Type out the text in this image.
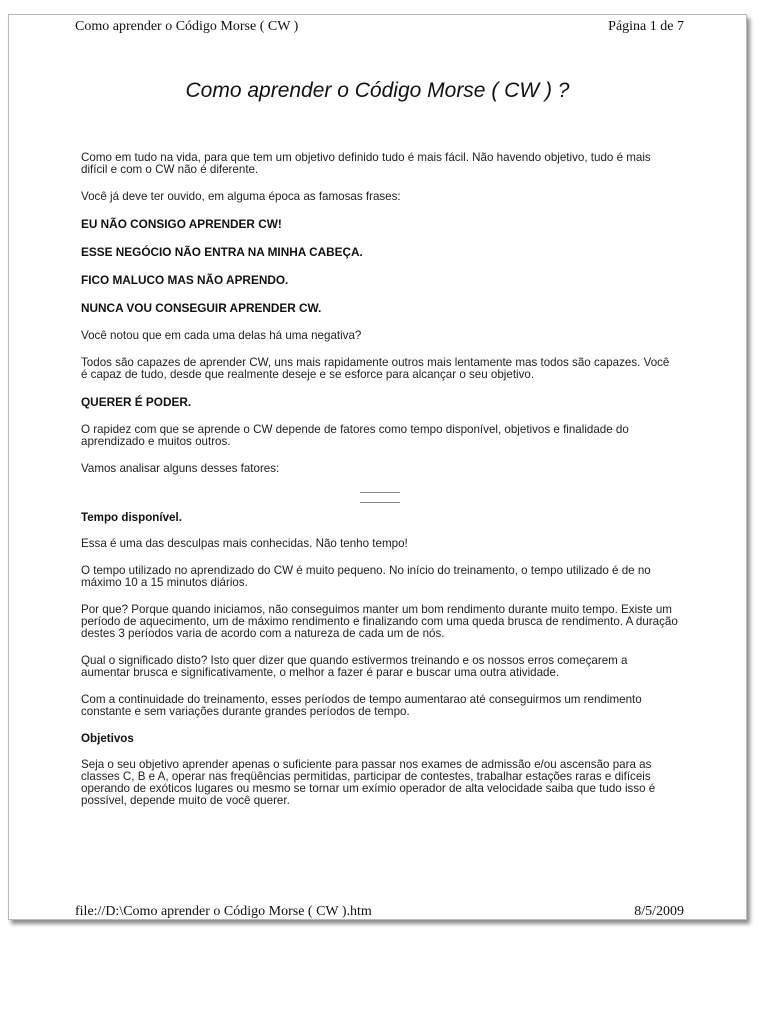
Como aprender o Código Morse ( CW )	Página 1 de 7
Como aprender o Código Morse ( CW ) ?

Como em tudo na vida, para que tem um objetivo definido tudo é mais fácil. Não havendo objetivo, tudo é mais difícil e com o CW não é diferente.

Você já deve ter ouvido, em alguma época as famosas frases:

EU NÃO CONSIGO APRENDER CW!

ESSE NEGÓCIO NÃO ENTRA NA MINHA CABEÇA.

FICO MALUCO MAS NÃO APRENDO.

NUNCA VOU CONSEGUIR APRENDER CW.

Você notou que em cada uma delas há uma negativa?

Todos são capazes de aprender CW, uns mais rapidamente outros mais lentamente mas todos são capazes. Você é capaz de tudo, desde que realmente deseje e se esforce para alcançar o seu objetivo.

QUERER É PODER.

O rapidez com que se aprende o CW depende de fatores como tempo disponível, objetivos e finalidade do aprendizado e muitos outros.

Vamos analisar alguns desses fatores:

Tempo disponível.

Essa é uma das desculpas mais conhecidas. Não tenho tempo!

O tempo utilizado no aprendizado do CW é muito pequeno. No início do treinamento, o tempo utilizado é de no máximo 10 a 15 minutos diários.

Por que? Porque quando iniciamos, não conseguimos manter um bom rendimento durante muito tempo. Existe um período de aquecimento, um de máximo rendimento e finalizando com uma queda brusca de rendimento. A duração destes 3 períodos varia de acordo com a natureza de cada um de nós.

Qual o significado disto? Isto quer dizer que quando estivermos treinando e os nossos erros começarem a aumentar brusca e significativamente, o melhor a fazer é parar e buscar uma outra atividade.

Com a continuidade do treinamento, esses períodos de tempo aumentarao até conseguirmos um rendimento constante e sem variações durante grandes períodos de tempo.

Objetivos

Seja o seu objetivo aprender apenas o suficiente para passar nos exames de admissão e/ou ascensão para as classes C, B e A, operar nas freqüências permitidas, participar de contestes, trabalhar estações raras e difíceis operando de exóticos lugares ou mesmo se tornar um exímio operador de alta velocidade saiba que tudo isso é possível, depende muito de você querer.

file://D:\Como aprender o Código Morse ( CW ).htm	8/5/2009
